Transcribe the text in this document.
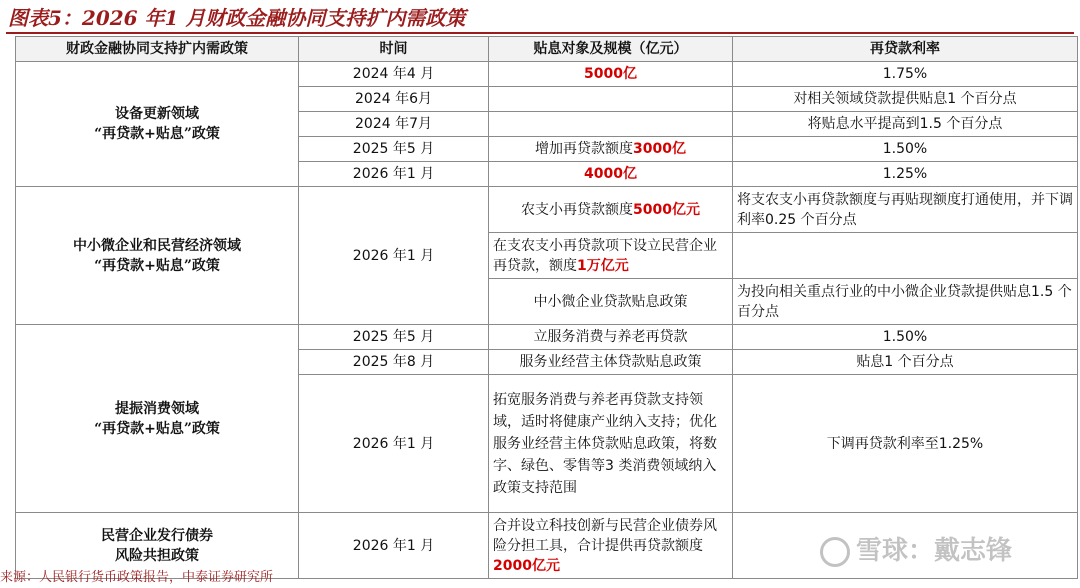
图表5：2026 年1 月财政金融协同支持扩内需政策
财政金融协同支持扩内需政策	时间	贴息对象及规模（亿元）	再贷款利率

设备更新领域
“再贷款+贴息”政策	2024 年4 月	5000亿	1.75%
	2024 年6月		对相关领域贷款提供贴息1 个百分点
	2024 年7月		将贴息水平提高到1.5 个百分点
	2025 年5 月	增加再贷款额度3000亿	1.50%
	2026 年1 月	4000亿	1.25%

中小微企业和民营经济领域
“再贷款+贴息”政策	2026 年1 月	农支小再贷款额度5000亿元	将支农支小再贷款额度与再贴现额度打通使用，并下调利率0.25 个百分点
		在支农支小再贷款项下设立民营企业再贷款，额度1万亿元	
		中小微企业贷款贴息政策	为投向相关重点行业的中小微企业贷款提供贴息1.5 个百分点

提振消费领域
“再贷款+贴息”政策	2025 年5 月	立服务消费与养老再贷款	1.50%
	2025 年8 月	服务业经营主体贷款贴息政策	贴息1 个百分点
	2026 年1 月	拓宽服务消费与养老再贷款支持领域，适时将健康产业纳入支持；优化服务业经营主体贷款贴息政策，将数字、绿色、零售等3 类消费领域纳入政策支持范围	下调再贷款利率至1.25%

民营企业发行债券
风险共担政策	2026 年1 月	合并设立科技创新与民营企业债券风险分担工具，合计提供再贷款额度2000亿元		雪球：戴志锋
来源：人民银行货币政策报告，中泰证券研究所
